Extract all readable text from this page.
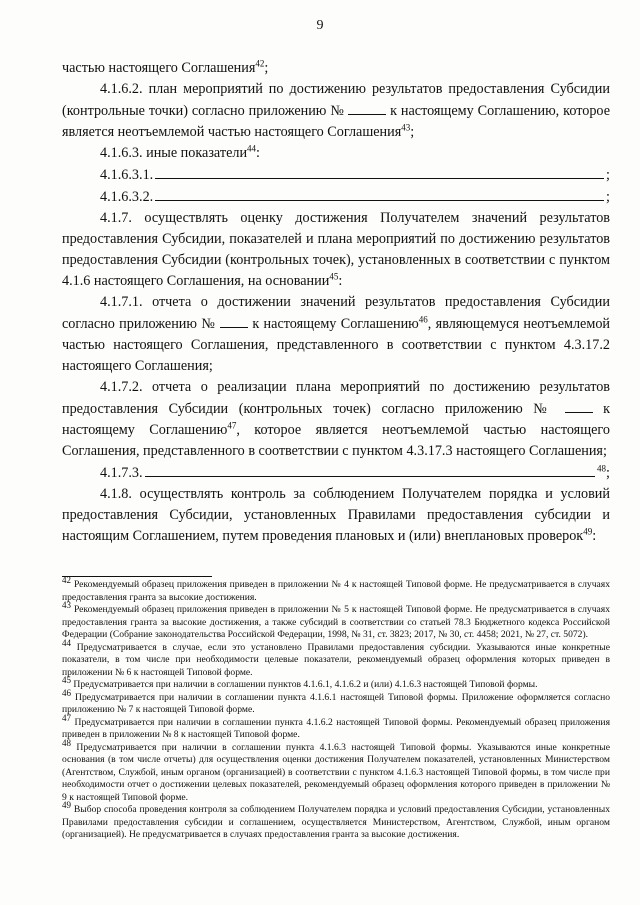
9

частью настоящего Соглашения$^{42}$;

4.1.6.2. план мероприятий по достижению результатов предоставления Субсидии (контрольные точки) согласно приложению №	к настоящему Соглашению, которое является неотъемлемой частью настоящего Соглашения$^{43}$;

4.1.6.3. иные показатели$^{44}$:

4.1.6.3.1.	;
4.1.6.3.2.	;

4.1.7. осуществлять оценку достижения Получателем значений результатов предоставления Субсидии, показателей и плана мероприятий по достижению результатов предоставления Субсидии (контрольных точек), установленных в соответствии с пунктом 4.1.6 настоящего Соглашения, на основании$^{45}$:

4.1.7.1. отчета о достижении значений результатов предоставления Субсидии согласно приложению №	к настоящему Соглашению$^{46}$, являющемуся неотъемлемой частью настоящего Соглашения, представленного в соответствии с пунктом 4.3.17.2 настоящего Соглашения;

4.1.7.2. отчета о реализации плана мероприятий по достижению результатов предоставления Субсидии (контрольных точек) согласно приложению №	к настоящему Соглашению$^{47}$, которое является неотъемлемой частью настоящего Соглашения, представленного в соответствии с пунктом 4.3.17.3 настоящего Соглашения;

4.1.7.3.	$^{48}$;

4.1.8. осуществлять контроль за соблюдением Получателем порядка и условий предоставления Субсидии, установленных Правилами предоставления субсидии и настоящим Соглашением, путем проведения плановых и (или) внеплановых проверок$^{49}$:

$^{42}$ Рекомендуемый образец приложения приведен в приложении № 4 к настоящей Типовой форме. Не предусматривается в случаях предоставления гранта за высокие достижения.

$^{43}$ Рекомендуемый образец приложения приведен в приложении № 5 к настоящей Типовой форме. Не предусматривается в случаях предоставления гранта за высокие достижения, а также субсидий в соответствии со статьей 78.3 Бюджетного кодекса Российской Федерации (Собрание законодательства Российской Федерации, 1998, № 31, ст. 3823; 2017, № 30, ст. 4458; 2021, № 27, ст. 5072).

$^{44}$ Предусматривается в случае, если это установлено Правилами предоставления субсидии. Указываются иные конкретные показатели, в том числе при необходимости целевые показатели, рекомендуемый образец оформления которых приведен в приложении № 6 к настоящей Типовой форме.

$^{45}$ Предусматривается при наличии в соглашении пунктов 4.1.6.1, 4.1.6.2 и (или) 4.1.6.3 настоящей Типовой формы.

$^{46}$ Предусматривается при наличии в соглашении пункта 4.1.6.1 настоящей Типовой формы. Приложение оформляется согласно приложению № 7 к настоящей Типовой форме.

$^{47}$ Предусматривается при наличии в соглашении пункта 4.1.6.2 настоящей Типовой формы. Рекомендуемый образец приложения приведен в приложении № 8 к настоящей Типовой форме.

$^{48}$ Предусматривается при наличии в соглашении пункта 4.1.6.3 настоящей Типовой формы. Указываются иные конкретные основания (в том числе отчеты) для осуществления оценки достижения Получателем показателей, установленных Министерством (Агентством, Службой, иным органом (организацией) в соответствии с пунктом 4.1.6.3 настоящей Типовой формы, в том числе при необходимости отчет о достижении целевых показателей, рекомендуемый образец оформления которого приведен в приложении № 9 к настоящей Типовой форме.

$^{49}$ Выбор способа проведения контроля за соблюдением Получателем порядка и условий предоставления Субсидии, установленных Правилами предоставления субсидии и соглашением, осуществляется Министерством, Агентством, Службой, иным органом (организацией). Не предусматривается в случаях предоставления гранта за высокие достижения.
